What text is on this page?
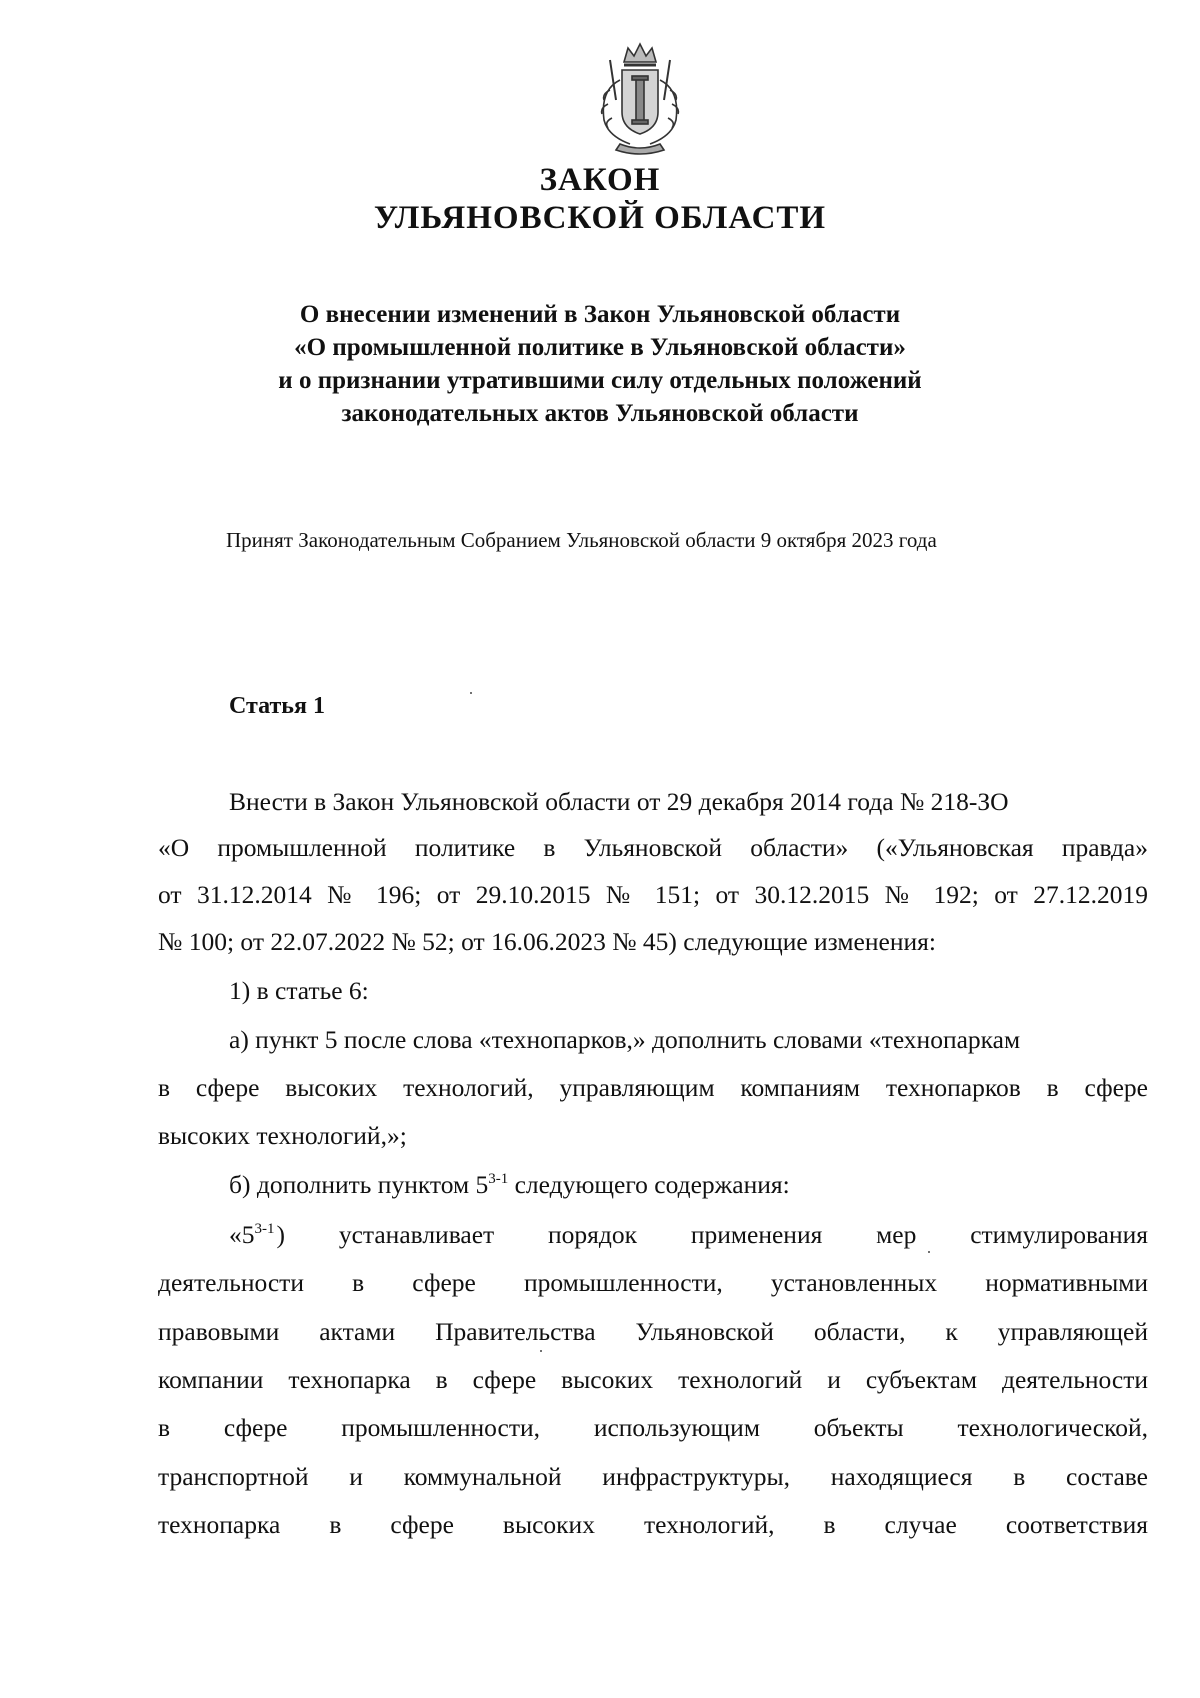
ЗАКОН
УЛЬЯНОВСКОЙ ОБЛАСТИ
О внесении изменений в Закон Ульяновской области
«О промышленной политике в Ульяновской области»
и о признании утратившими силу отдельных положений
законодательных актов Ульяновской области
Принят Законодательным Собранием Ульяновской области 9 октября 2023 года
Статья 1
Внести в Закон Ульяновской области от 29 декабря 2014 года № 218-ЗО
«О промышленной политике в Ульяновской области» («Ульяновская правда»
от 31.12.2014 № 196; от 29.10.2015 № 151; от 30.12.2015 № 192; от 27.12.2019
№ 100; от 22.07.2022 № 52; от 16.06.2023 № 45) следующие изменения:
1) в статье 6:
а) пункт 5 после слова «технопарков,» дополнить словами «технопаркам
в сфере высоких технологий, управляющим компаниям технопарков в сфере
высоких технологий,»;
б) дополнить пунктом 5$^{3-1}$ следующего содержания:
«5$^{3-1}$ ) устанавливает порядок применения мер стимулирования
деятельности в сфере промышленности, установленных нормативными
правовыми актами Правительства Ульяновской области, к управляющей
компании технопарка в сфере высоких технологий и субъектам деятельности
в сфере промышленности, использующим объекты технологической,
транспортной и коммунальной инфраструктуры, находящиеся в составе
технопарка в сфере высоких технологий, в случае соответствия
